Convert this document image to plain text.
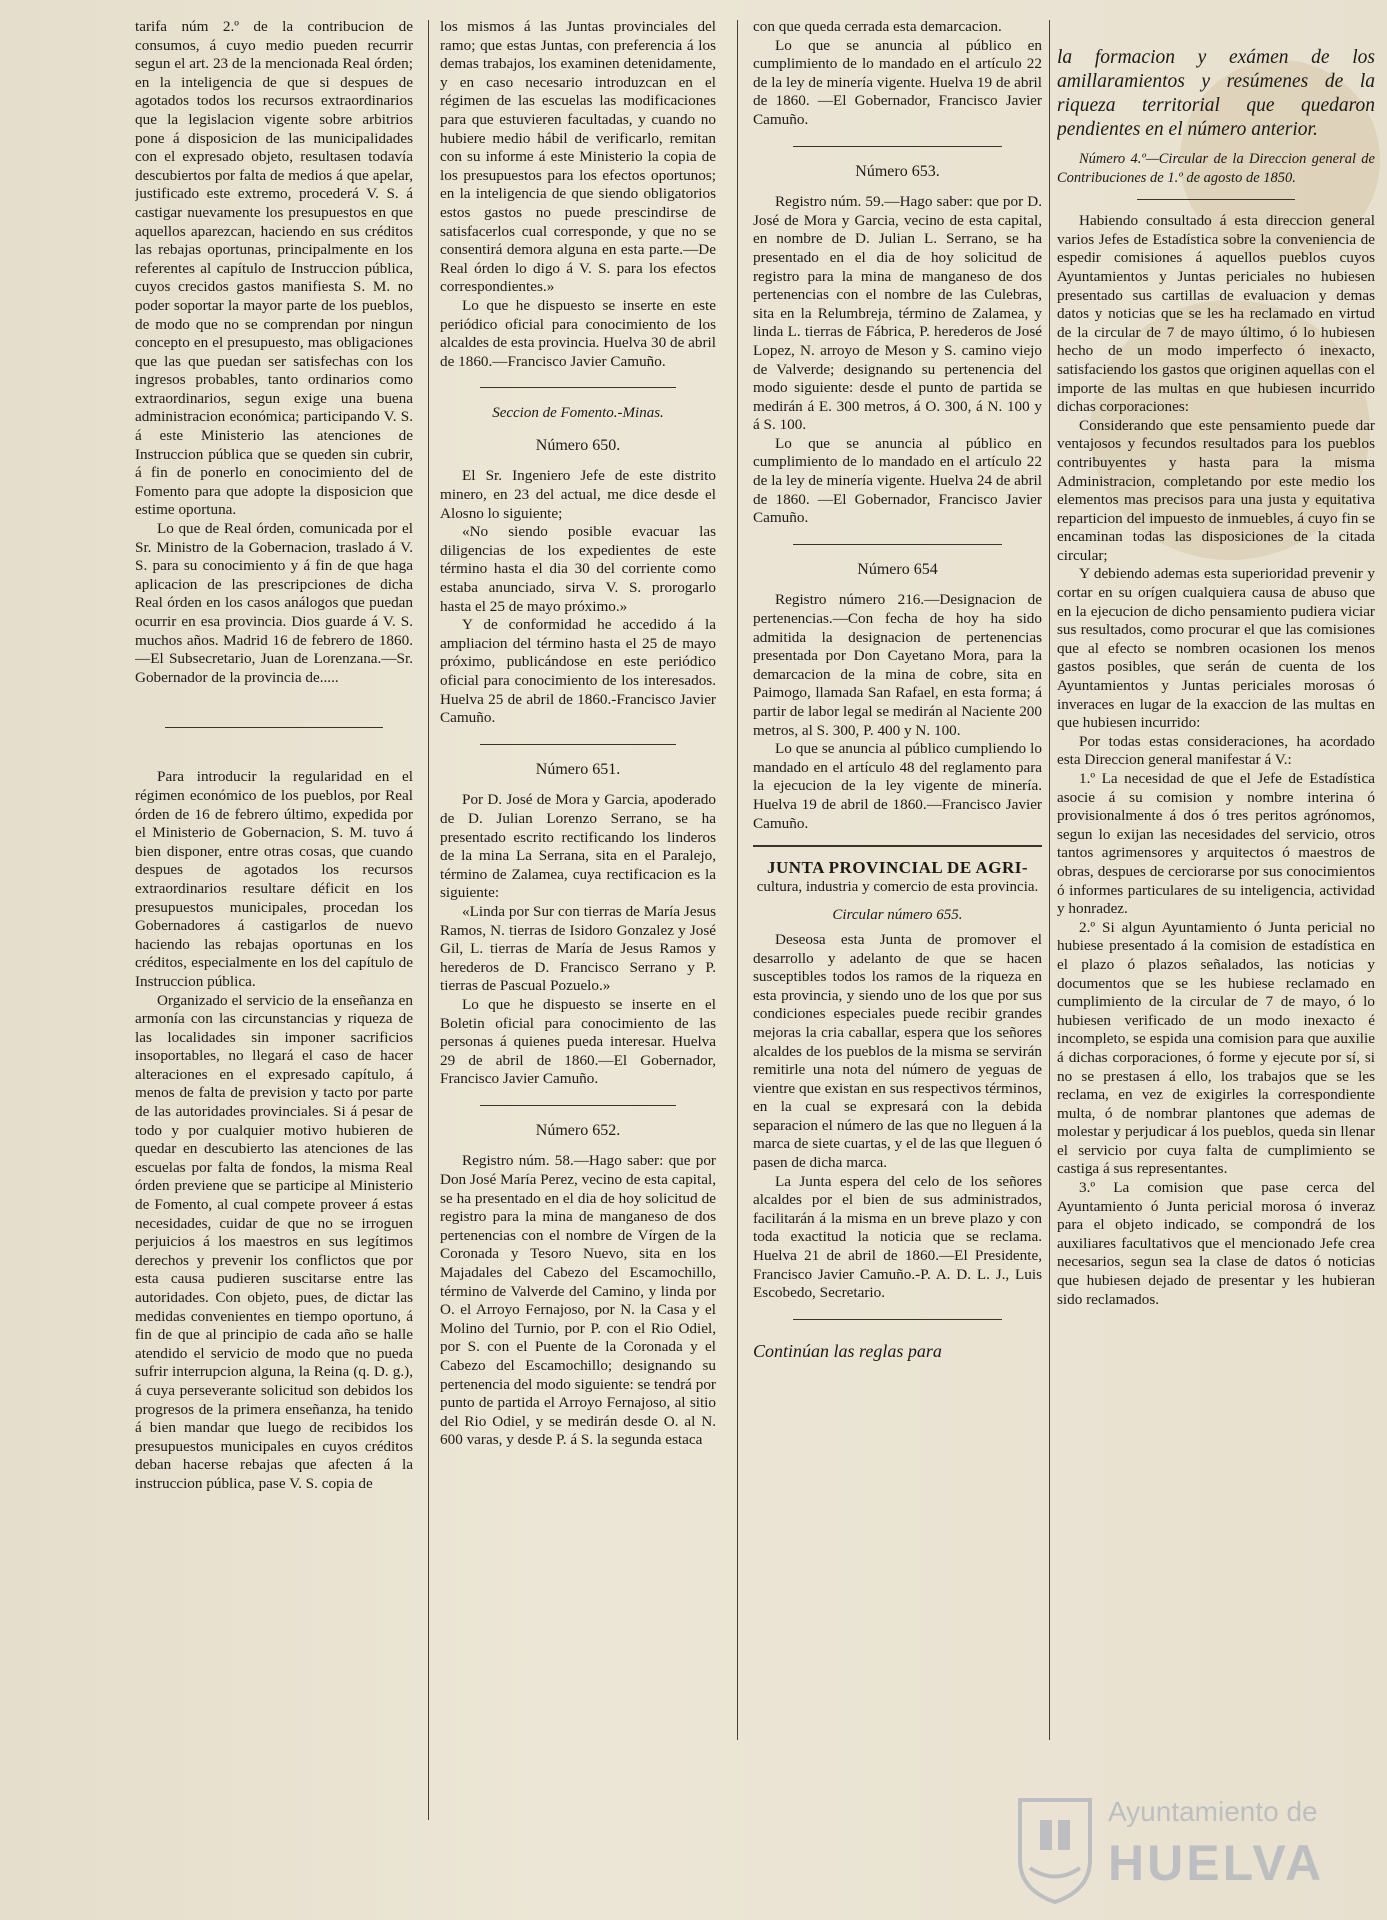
tarifa núm 2.º de la contribucion de consumos, á cuyo medio pueden recurrir segun el art. 23 de la mencionada Real órden; en la inteligencia de que si despues de agotados todos los recursos extraordinarios que la legislacion vigente sobre arbitrios pone á disposicion de las municipalidades con el expresado objeto, resultasen todavía descubiertos por falta de medios á que apelar, justificado este extremo, procederá V. S. á castigar nuevamente los presupuestos en que aquellos aparezcan, haciendo en sus créditos las rebajas oportunas, principalmente en los referentes al capítulo de Instruccion pública, cuyos crecidos gastos manifiesta S. M. no poder soportar la mayor parte de los pueblos, de modo que no se comprendan por ningun concepto en el presupuesto, mas obligaciones que las que puedan ser satisfechas con los ingresos probables, tanto ordinarios como extraordinarios, segun exige una buena administracion económica; participando V. S. á este Ministerio las atenciones de Instruccion pública que se queden sin cubrir, á fin de ponerlo en conocimiento del de Fomento para que adopte la disposicion que estime oportuna.

Lo que de Real órden, comunicada por el Sr. Ministro de la Gobernacion, traslado á V. S. para su conocimiento y á fin de que haga aplicacion de las prescripciones de dicha Real órden en los casos análogos que puedan ocurrir en esa provincia. Dios guarde á V. S. muchos años. Madrid 16 de febrero de 1860.—El Subsecretario, Juan de Lorenzana.—Sr. Gobernador de la provincia de.....

Para introducir la regularidad en el régimen económico de los pueblos, por Real órden de 16 de febrero último, expedida por el Ministerio de Gobernacion, S. M. tuvo á bien disponer, entre otras cosas, que cuando despues de agotados los recursos extraordinarios resultare déficit en los presupuestos municipales, procedan los Gobernadores á castigarlos de nuevo haciendo las rebajas oportunas en los créditos, especialmente en los del capítulo de Instruccion pública.

Organizado el servicio de la enseñanza en armonía con las circunstancias y riqueza de las localidades sin imponer sacrificios insoportables, no llegará el caso de hacer alteraciones en el expresado capítulo, á menos de falta de prevision y tacto por parte de las autoridades provinciales. Si á pesar de todo y por cualquier motivo hubieren de quedar en descubierto las atenciones de las escuelas por falta de fondos, la misma Real órden previene que se participe al Ministerio de Fomento, al cual compete proveer á estas necesidades, cuidar de que no se irroguen perjuicios á los maestros en sus legítimos derechos y prevenir los conflictos que por esta causa pudieren suscitarse entre las autoridades. Con objeto, pues, de dictar las medidas convenientes en tiempo oportuno, á fin de que al principio de cada año se halle atendido el servicio de modo que no pueda sufrir interrupcion alguna, la Reina (q. D. g.), á cuya perseverante solicitud son debidos los progresos de la primera enseñanza, ha tenido á bien mandar que luego de recibidos los presupuestos municipales en cuyos créditos deban hacerse rebajas que afecten á la instruccion pública, pase V. S. copia de

los mismos á las Juntas provinciales del ramo; que estas Juntas, con preferencia á los demas trabajos, los examinen detenidamente, y en caso necesario introduzcan en el régimen de las escuelas las modificaciones para que estuvieren facultadas, y cuando no hubiere medio hábil de verificarlo, remitan con su informe á este Ministerio la copia de los presupuestos para los efectos oportunos; en la inteligencia de que siendo obligatorios estos gastos no puede prescindirse de satisfacerlos cual corresponde, y que no se consentirá demora alguna en esta parte.—De Real órden lo digo á V. S. para los efectos correspondientes.»

Lo que he dispuesto se inserte en este periódico oficial para conocimiento de los alcaldes de esta provincia. Huelva 30 de abril de 1860.—Francisco Javier Camuño.

Seccion de Fomento.-Minas.
Número 650.

El Sr. Ingeniero Jefe de este distrito minero, en 23 del actual, me dice desde el Alosno lo siguiente;

«No siendo posible evacuar las diligencias de los expedientes de este término hasta el dia 30 del corriente como estaba anunciado, sirva V. S. prorogarlo hasta el 25 de mayo próximo.»

Y de conformidad he accedido á la ampliacion del término hasta el 25 de mayo próximo, publicándose en este periódico oficial para conocimiento de los interesados. Huelva 25 de abril de 1860.-Francisco Javier Camuño.

Número 651.

Por D. José de Mora y Garcia, apoderado de D. Julian Lorenzo Serrano, se ha presentado escrito rectificando los linderos de la mina La Serrana, sita en el Paralejo, término de Zalamea, cuya rectificacion es la siguiente:

«Linda por Sur con tierras de María Jesus Ramos, N. tierras de Isidoro Gonzalez y José Gil, L. tierras de María de Jesus Ramos y herederos de D. Francisco Serrano y P. tierras de Pascual Pozuelo.»

Lo que he dispuesto se inserte en el Boletin oficial para conocimiento de las personas á quienes pueda interesar. Huelva 29 de abril de 1860.—El Gobernador, Francisco Javier Camuño.

Número 652.

Registro núm. 58.—Hago saber: que por Don José María Perez, vecino de esta capital, se ha presentado en el dia de hoy solicitud de registro para la mina de manganeso de dos pertenencias con el nombre de Vírgen de la Coronada y Tesoro Nuevo, sita en los Majadales del Cabezo del Escamochillo, término de Valverde del Camino, y linda por O. el Arroyo Fernajoso, por N. la Casa y el Molino del Turnio, por P. con el Rio Odiel, por S. con el Puente de la Coronada y el Cabezo del Escamochillo; designando su pertenencia del modo siguiente: se tendrá por punto de partida el Arroyo Fernajoso, al sitio del Rio Odiel, y se medirán desde O. al N. 600 varas, y desde P. á S. la segunda estaca

con que queda cerrada esta demarcacion.

Lo que se anuncia al público en cumplimiento de lo mandado en el artículo 22 de la ley de minería vigente. Huelva 19 de abril de 1860. —El Gobernador, Francisco Javier Camuño.

Número 653.

Registro núm. 59.—Hago saber: que por D. José de Mora y Garcia, vecino de esta capital, en nombre de D. Julian L. Serrano, se ha presentado en el dia de hoy solicitud de registro para la mina de manganeso de dos pertenencias con el nombre de las Culebras, sita en la Relumbreja, término de Zalamea, y linda L. tierras de Fábrica, P. herederos de José Lopez, N. arroyo de Meson y S. camino viejo de Valverde; designando su pertenencia del modo siguiente: desde el punto de partida se medirán á E. 300 metros, á O. 300, á N. 100 y á S. 100.

Lo que se anuncia al público en cumplimiento de lo mandado en el artículo 22 de la ley de minería vigente. Huelva 24 de abril de 1860. —El Gobernador, Francisco Javier Camuño.

Número 654

Registro número 216.—Designacion de pertenencias.—Con fecha de hoy ha sido admitida la designacion de pertenencias presentada por Don Cayetano Mora, para la demarcacion de la mina de cobre, sita en Paimogo, llamada San Rafael, en esta forma; á partir de labor legal se medirán al Naciente 200 metros, al S. 300, P. 400 y N. 100.

Lo que se anuncia al público cumpliendo lo mandado en el artículo 48 del reglamento para la ejecucion de la ley vigente de minería. Huelva 19 de abril de 1860.—Francisco Javier Camuño.

JUNTA PROVINCIAL DE AGRI-
cultura, industria y comercio de esta provincia.
Circular número 655.

Deseosa esta Junta de promover el desarrollo y adelanto de que se hacen susceptibles todos los ramos de la riqueza en esta provincia, y siendo uno de los que por sus condiciones especiales puede recibir grandes mejoras la cria caballar, espera que los señores alcaldes de los pueblos de la misma se servirán remitirle una nota del número de yeguas de vientre que existan en sus respectivos términos, en la cual se expresará con la debida separacion el número de las que no lleguen á la marca de siete cuartas, y el de las que lleguen ó pasen de dicha marca.

La Junta espera del celo de los señores alcaldes por el bien de sus administrados, facilitarán á la misma en un breve plazo y con toda exactitud la noticia que se reclama. Huelva 21 de abril de 1860.—El Presidente, Francisco Javier Camuño.-P. A. D. L. J., Luis Escobedo, Secretario.

Continúan las reglas para
la formacion y exámen de los amillaramientos y resúmenes de la riqueza territorial que quedaron pendientes en el número anterior.

Número 4.º—Circular de la Direccion general de Contribuciones de 1.º de agosto de 1850.

Habiendo consultado á esta direccion general varios Jefes de Estadística sobre la conveniencia de espedir comisiones á aquellos pueblos cuyos Ayuntamientos y Juntas periciales no hubiesen presentado sus cartillas de evaluacion y demas datos y noticias que se les ha reclamado en virtud de la circular de 7 de mayo último, ó lo hubiesen hecho de un modo imperfecto ó inexacto, satisfaciendo los gastos que originen aquellas con el importe de las multas en que hubiesen incurrido dichas corporaciones:

Considerando que este pensamiento puede dar ventajosos y fecundos resultados para los pueblos contribuyentes y hasta para la misma Administracion, completando por este medio los elementos mas precisos para una justa y equitativa reparticion del impuesto de inmuebles, á cuyo fin se encaminan todas las disposiciones de la citada circular;

Y debiendo ademas esta superioridad prevenir y cortar en su orígen cualquiera causa de abuso que en la ejecucion de dicho pensamiento pudiera viciar sus resultados, como procurar el que las comisiones que al efecto se nombren ocasionen los menos gastos posibles, que serán de cuenta de los Ayuntamientos y Juntas periciales morosas ó inveraces en lugar de la exaccion de las multas en que hubiesen incurrido:

Por todas estas consideraciones, ha acordado esta Direccion general manifestar á V.:

1.º La necesidad de que el Jefe de Estadística asocie á su comision y nombre interina ó provisionalmente á dos ó tres peritos agrónomos, segun lo exijan las necesidades del servicio, otros tantos agrimensores y arquitectos ó maestros de obras, despues de cerciorarse por sus conocimientos ó informes particulares de su inteligencia, actividad y honradez.

2.º Si algun Ayuntamiento ó Junta pericial no hubiese presentado á la comision de estadística en el plazo ó plazos señalados, las noticias y documentos que se les hubiese reclamado en cumplimiento de la circular de 7 de mayo, ó lo hubiesen verificado de un modo inexacto é incompleto, se espida una comision para que auxilie á dichas corporaciones, ó forme y ejecute por sí, si no se prestasen á ello, los trabajos que se les reclama, en vez de exigirles la correspondiente multa, ó de nombrar plantones que ademas de molestar y perjudicar á los pueblos, queda sin llenar el servicio por cuya falta de cumplimiento se castiga á sus representantes.

3.º La comision que pase cerca del Ayuntamiento ó Junta pericial morosa ó inveraz para el objeto indicado, se compondrá de los auxiliares facultativos que el mencionado Jefe crea necesarios, segun sea la clase de datos ó noticias que hubiesen dejado de presentar y les hubieran sido reclamados.

Ayuntamiento de
HUELVA
